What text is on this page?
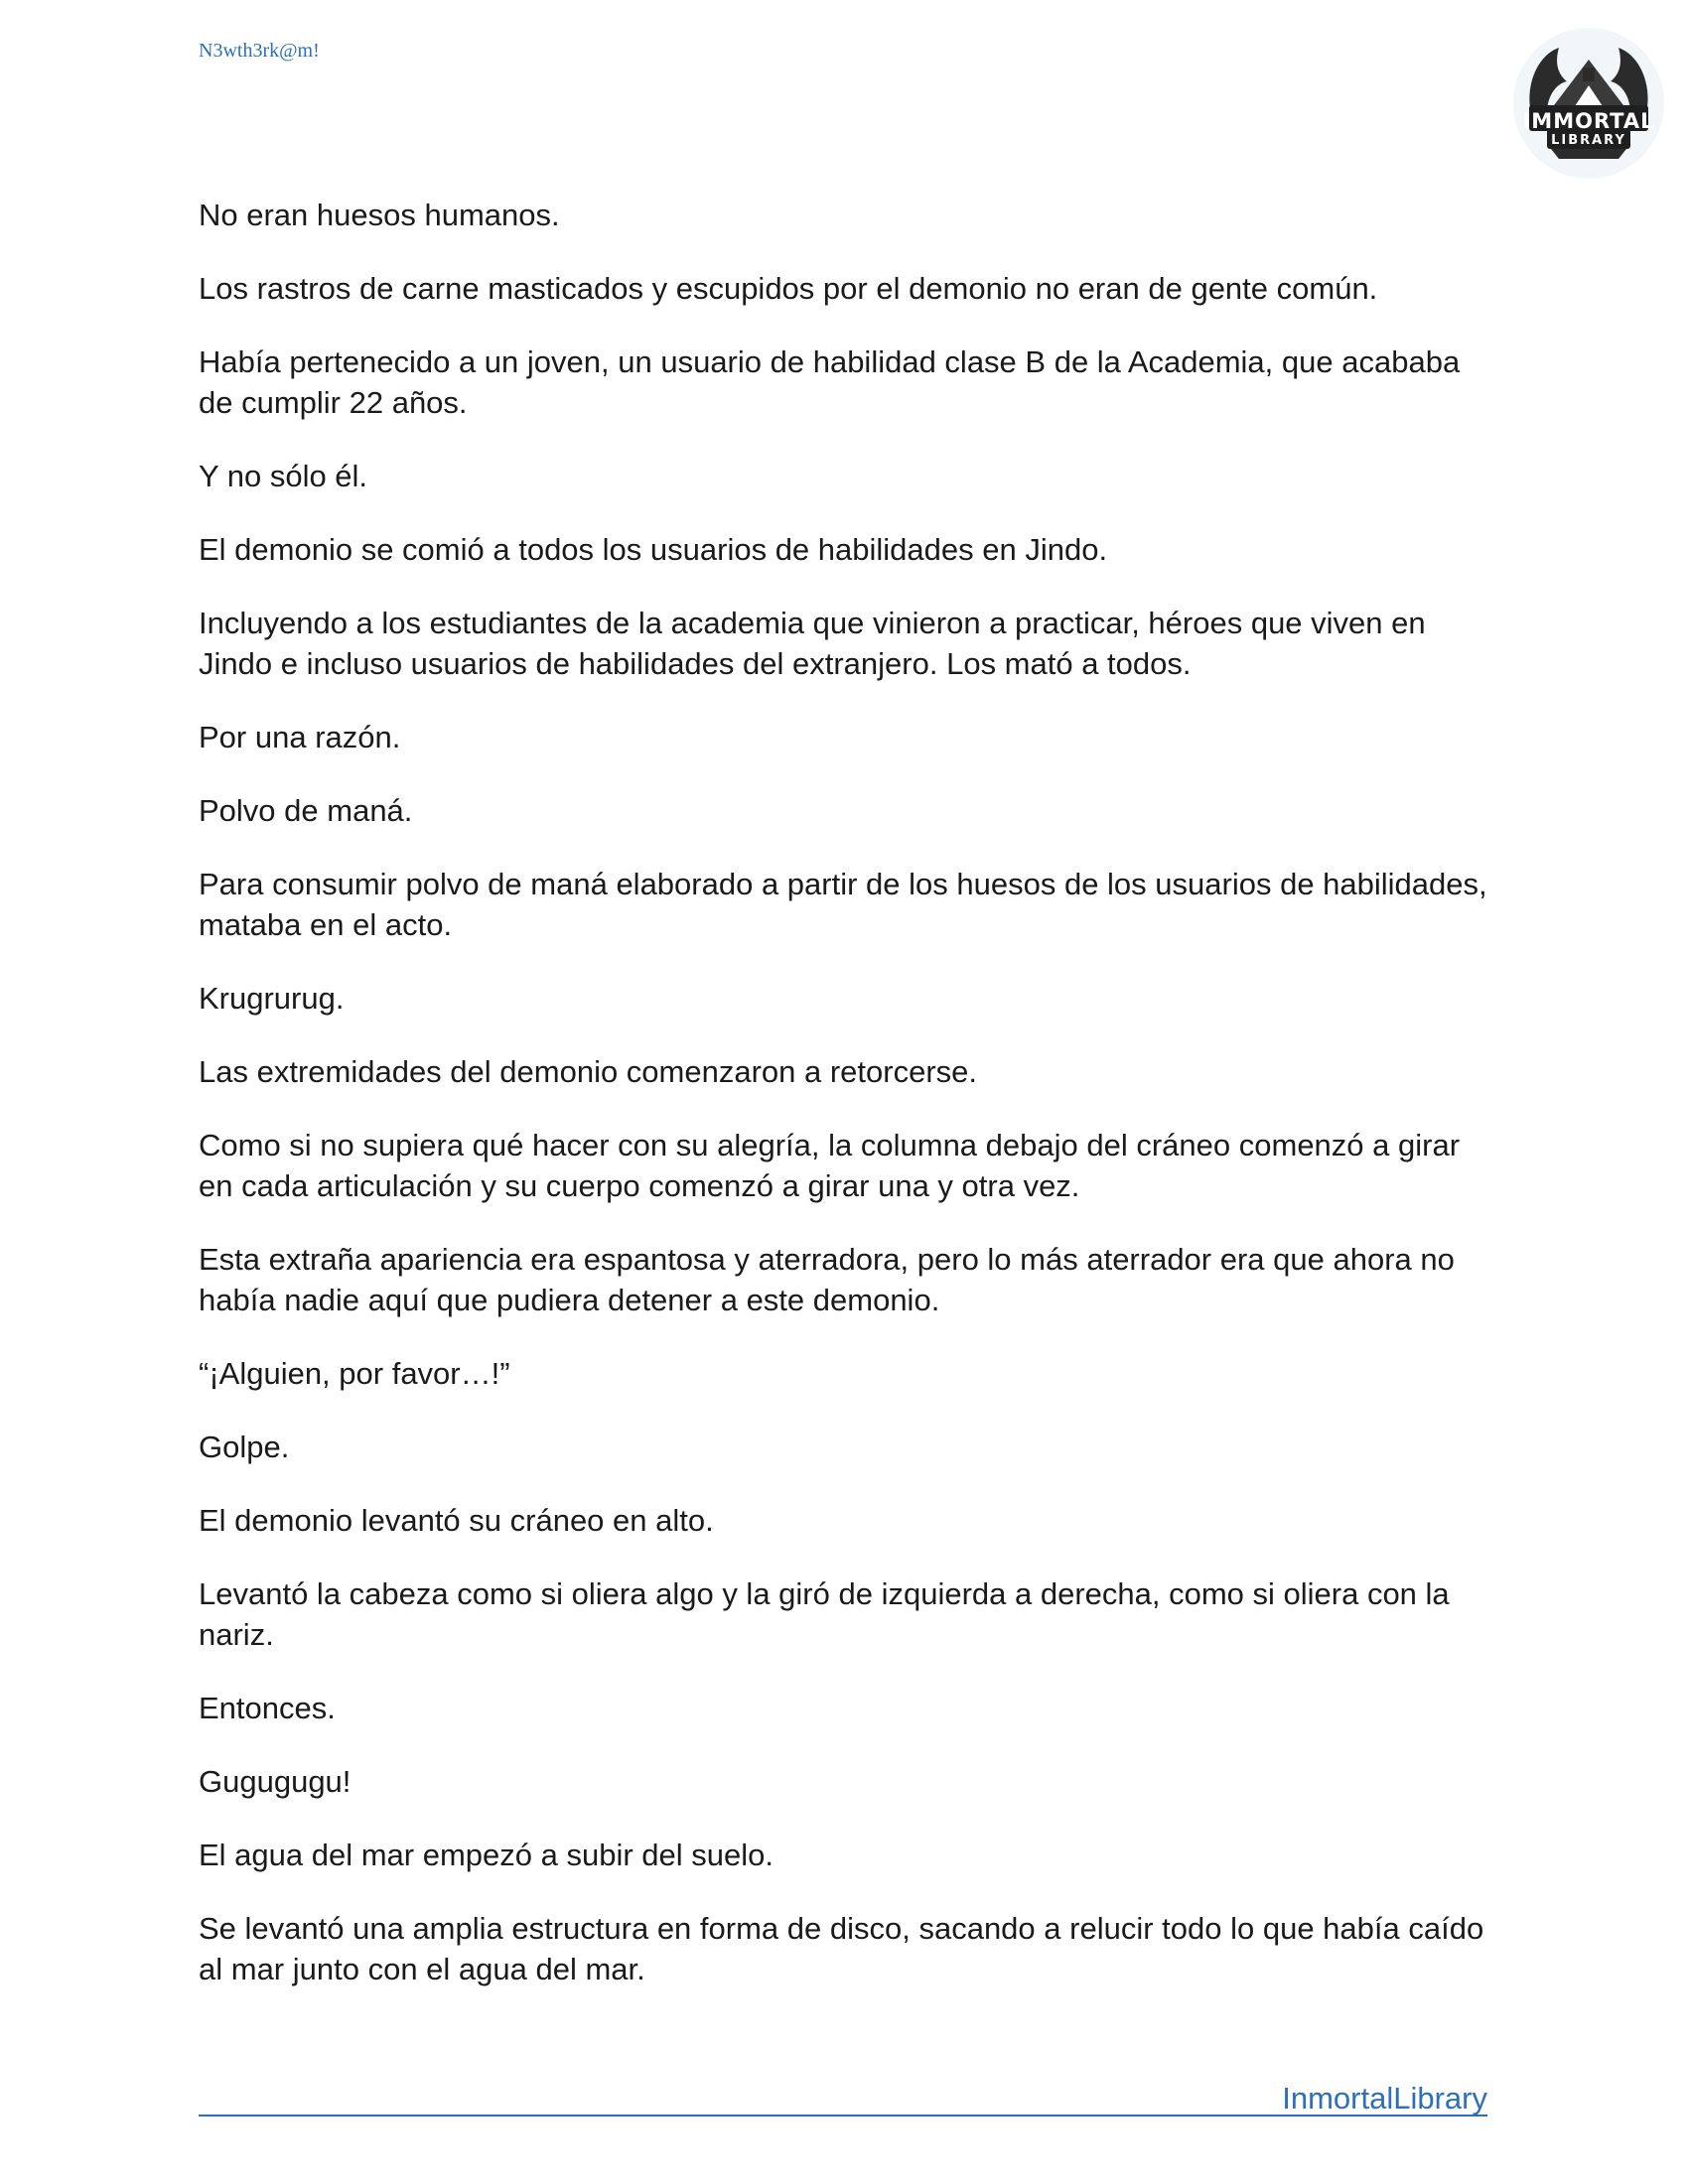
N3wth3rk@m!
IMMORTAL
LIBRARY

No eran huesos humanos.

Los rastros de carne masticados y escupidos por el demonio no eran de gente común.

Había pertenecido a un joven, un usuario de habilidad clase B de la Academia, que acababa de cumplir 22 años.

Y no sólo él.

El demonio se comió a todos los usuarios de habilidades en Jindo.

Incluyendo a los estudiantes de la academia que vinieron a practicar, héroes que viven en Jindo e incluso usuarios de habilidades del extranjero. Los mató a todos.

Por una razón.

Polvo de maná.

Para consumir polvo de maná elaborado a partir de los huesos de los usuarios de habilidades, mataba en el acto.

Krugrurug.

Las extremidades del demonio comenzaron a retorcerse.

Como si no supiera qué hacer con su alegría, la columna debajo del cráneo comenzó a girar en cada articulación y su cuerpo comenzó a girar una y otra vez.

Esta extraña apariencia era espantosa y aterradora, pero lo más aterrador era que ahora no había nadie aquí que pudiera detener a este demonio.

“¡Alguien, por favor…!”

Golpe.

El demonio levantó su cráneo en alto.

Levantó la cabeza como si oliera algo y la giró de izquierda a derecha, como si oliera con la nariz.

Entonces.

Gugugugu!

El agua del mar empezó a subir del suelo.

Se levantó una amplia estructura en forma de disco, sacando a relucir todo lo que había caído al mar junto con el agua del mar.

InmortalLibrary
